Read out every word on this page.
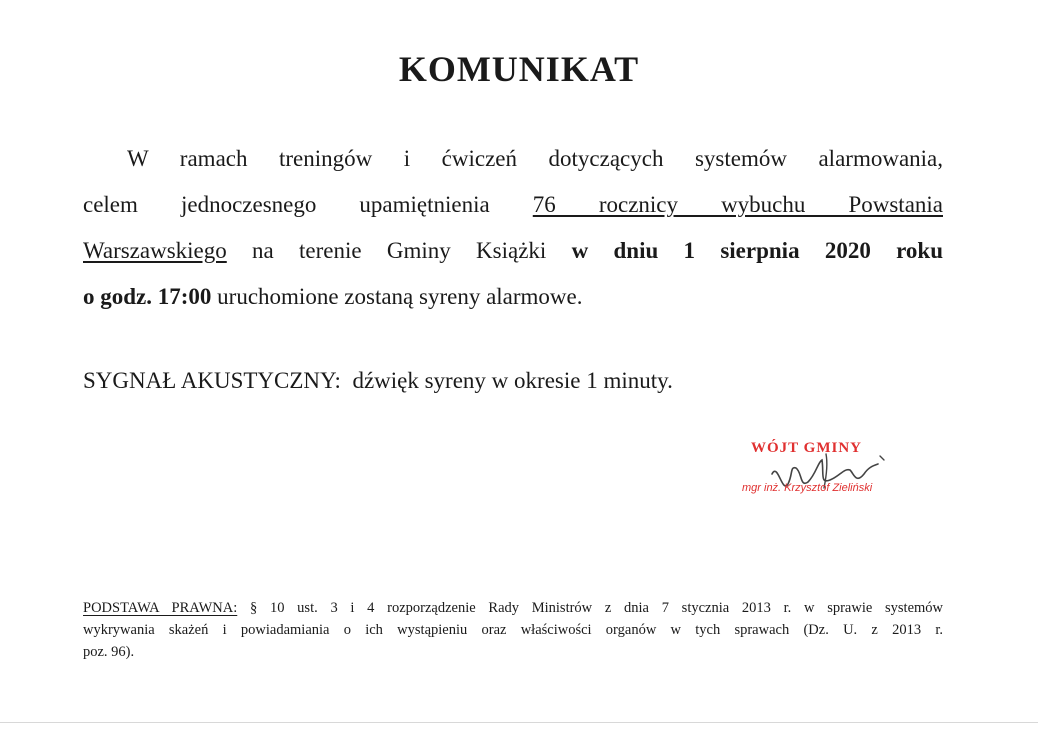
KOMUNIKAT
W ramach treningów i ćwiczeń dotyczących systemów alarmowania,
celem jednoczesnego upamiętnienia 76 rocznicy wybuchu Powstania
Warszawskiego na terenie Gminy Książki w dniu 1 sierpnia 2020 roku
o godz. 17:00 uruchomione zostaną syreny alarmowe.
SYGNAŁ AKUSTYCZNY: dźwięk syreny w okresie 1 minuty.
WÓJT GMINY
mgr inż. Krzysztof Zieliński
PODSTAWA PRAWNA: § 10 ust. 3 i 4 rozporządzenie Rady Ministrów z dnia 7 stycznia 2013 r. w sprawie systemów
wykrywania skażeń i powiadamiania o ich wystąpieniu oraz właściwości organów w tych sprawach (Dz. U. z 2013 r.
poz. 96).
